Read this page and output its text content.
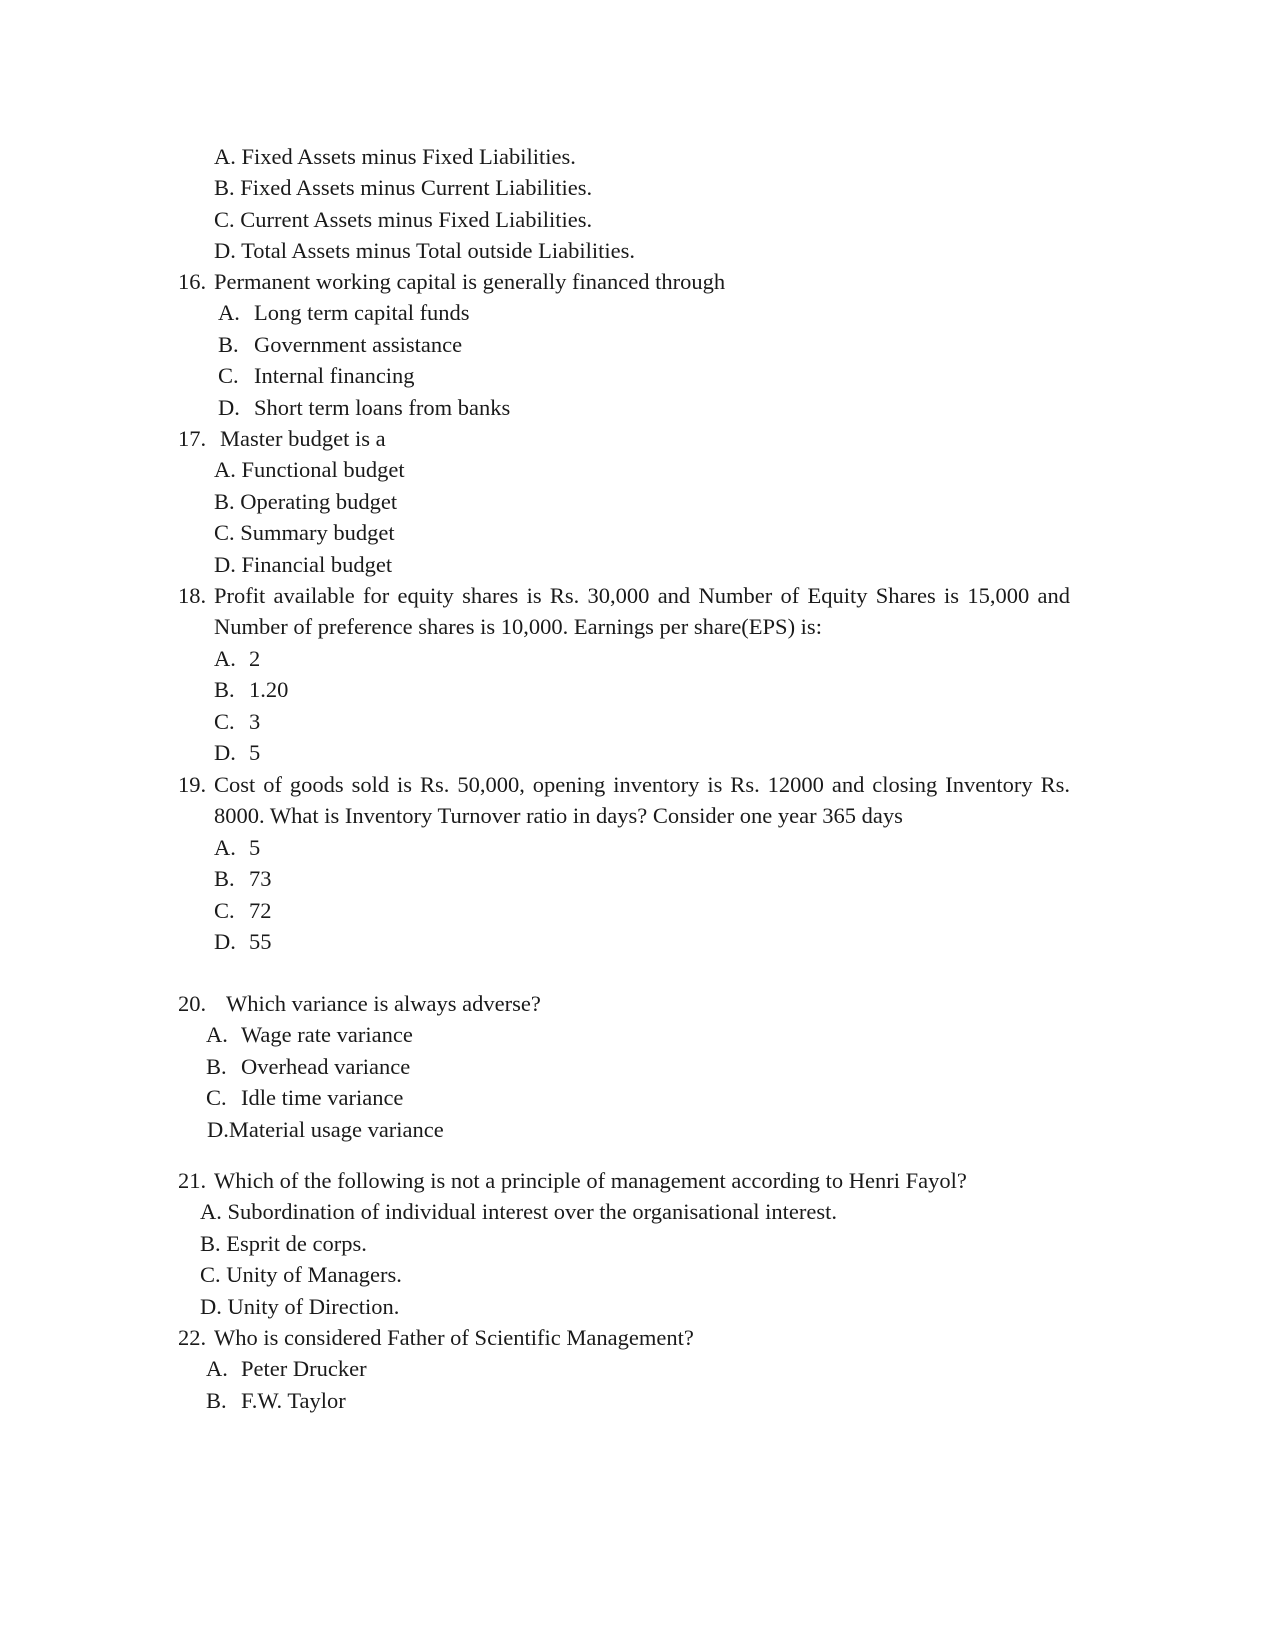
A. Fixed Assets minus Fixed Liabilities.
B. Fixed Assets minus Current Liabilities.
C. Current Assets minus Fixed Liabilities.
D. Total Assets minus Total outside Liabilities.
16. Permanent working capital is generally financed through
A. Long term capital funds
B. Government assistance
C. Internal financing
D. Short term loans from banks
17. Master budget is a
A. Functional budget
B. Operating budget
C. Summary budget
D. Financial budget
18. Profit available for equity shares is Rs. 30,000 and Number of Equity Shares is 15,000 and Number of preference shares is 10,000. Earnings per share(EPS) is:
A. 2
B. 1.20
C. 3
D. 5
19. Cost of goods sold is Rs. 50,000, opening inventory is Rs. 12000 and closing Inventory Rs. 8000. What is Inventory Turnover ratio in days? Consider one year 365 days
A. 5
B. 73
C. 72
D. 55
20. Which variance is always adverse?
A. Wage rate variance
B. Overhead variance
C. Idle time variance
D.Material usage variance
21. Which of the following is not a principle of management according to Henri Fayol?
A. Subordination of individual interest over the organisational interest.
B. Esprit de corps.
C. Unity of Managers.
D. Unity of Direction.
22. Who is considered Father of Scientific Management?
A. Peter Drucker
B. F.W. Taylor
